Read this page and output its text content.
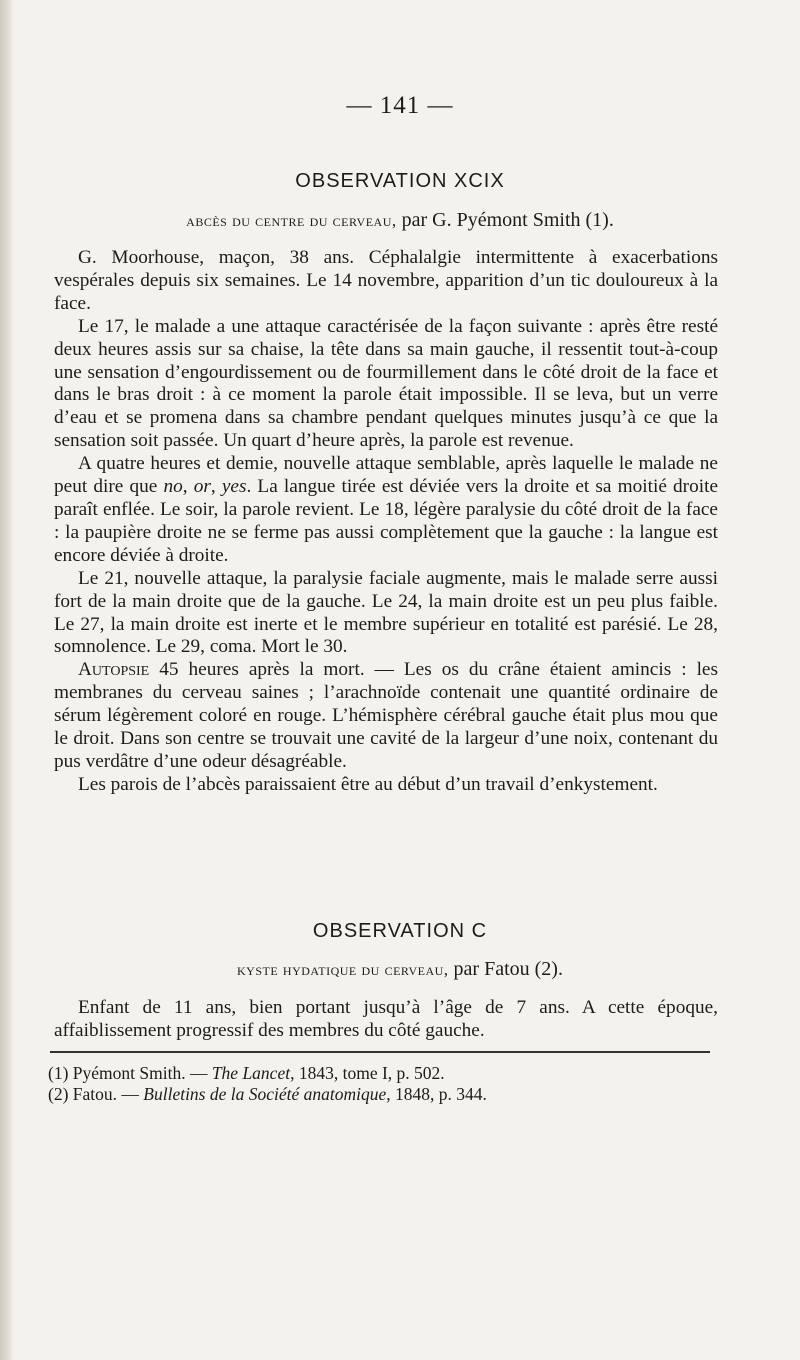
— 141 —
OBSERVATION XCIX
abcès du centre du cerveau, par G. Pyémont Smith (1).

G. Moorhouse, maçon, 38 ans. Céphalalgie intermittente à exacerbations vespérales depuis six semaines. Le 14 novembre, apparition d’un tic douloureux à la face.

Le 17, le malade a une attaque caractérisée de la façon suivante : après être resté deux heures assis sur sa chaise, la tête dans sa main gauche, il ressentit tout-à-coup une sensation d’engourdissement ou de fourmillement dans le côté droit de la face et dans le bras droit : à ce moment la parole était impossible. Il se leva, but un verre d’eau et se promena dans sa chambre pendant quelques minutes jusqu’à ce que la sensation soit passée. Un quart d’heure après, la parole est revenue.

A quatre heures et demie, nouvelle attaque semblable, après laquelle le malade ne peut dire que no, or, yes. La langue tirée est déviée vers la droite et sa moitié droite paraît enflée. Le soir, la parole revient. Le 18, légère paralysie du côté droit de la face : la paupière droite ne se ferme pas aussi complètement que la gauche : la langue est encore déviée à droite.

Le 21, nouvelle attaque, la paralysie faciale augmente, mais le malade serre aussi fort de la main droite que de la gauche. Le 24, la main droite est un peu plus faible. Le 27, la main droite est inerte et le membre supérieur en totalité est parésié. Le 28, somnolence. Le 29, coma. Mort le 30.

Autopsie 45 heures après la mort. — Les os du crâne étaient amincis : les membranes du cerveau saines ; l’arachnoïde contenait une quantité ordinaire de sérum légèrement coloré en rouge. L’hémisphère cérébral gauche était plus mou que le droit. Dans son centre se trouvait une cavité de la largeur d’une noix, contenant du pus verdâtre d’une odeur désagréable.

Les parois de l’abcès paraissaient être au début d’un travail d’enkystement.

OBSERVATION C
kyste hydatique du cerveau, par Fatou (2).

Enfant de 11 ans, bien portant jusqu’à l’âge de 7 ans. A cette époque, affaiblissement progressif des membres du côté gauche.

(1) Pyémont Smith. — The Lancet, 1843, tome I, p. 502.
(2) Fatou. — Bulletins de la Société anatomique, 1848, p. 344.
